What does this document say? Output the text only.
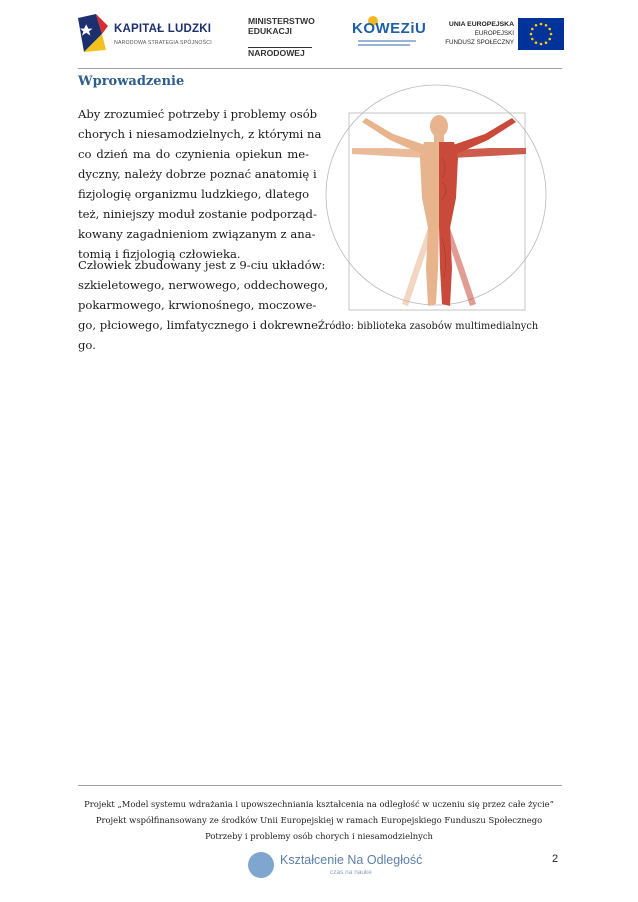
KAPITAŁ LUDZKI
NARODOWA STRATEGIA SPÓJNOŚCI
MINISTERSTWO
EDUKACJI
NARODOWEJ
KOWEZiU	UNIA EUROPEJSKA
EUROPEJSKI
FUNDUSZ SPOŁECZNY
Wprowadzenie

Aby zrozumieć potrzeby i problemy osób
chorych i niesamodzielnych, z którymi na
co dzień ma do czynienia opiekun me-
dyczny, należy dobrze poznać anatomię i
fizjologię organizmu ludzkiego, dlatego
też, niniejszy moduł zostanie podporząd-
kowany zagadnieniom związanym z ana-
tomią i fizjologią człowieka.

Człowiek zbudowany jest z 9-ciu układów:
szkieletowego, nerwowego, oddechowego,
pokarmowego, krwionośnego, moczowe-
go, płciowego, limfatycznego i dokrewne-
go.

Źródło: biblioteka zasobów multimedialnych
Projekt „Model systemu wdrażania i upowszechniania kształcenia na odległość w uczeniu się przez całe życie”
Projekt współfinansowany ze środków Unii Europejskiej w ramach Europejskiego Funduszu Społecznego
Potrzeby i problemy osób chorych i niesamodzielnych
Kształcenie Na Odległość
czas na nauke
2
